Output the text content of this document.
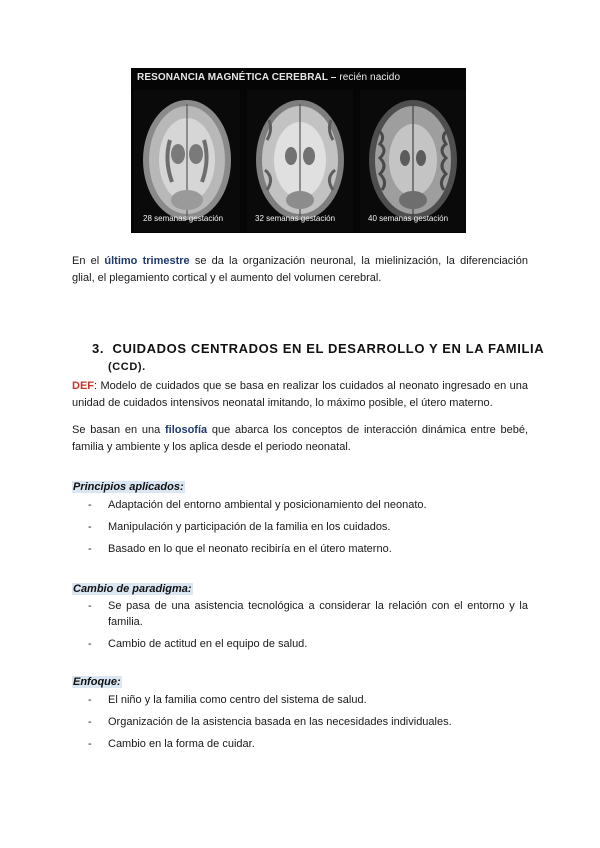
RESONANCIA MAGNÉTICA CEREBRAL – recién nacido
28 semanas gestación	32 semanas gestación	40 semanas gestación
En el último trimestre se da la organización neuronal, la mielinización, la diferenciación glial, el plegamiento cortical y el aumento del volumen cerebral.
3. CUIDADOS CENTRADOS EN EL DESARROLLO Y EN LA FAMILIA
(CCD).
DEF: Modelo de cuidados que se basa en realizar los cuidados al neonato ingresado en una unidad de cuidados intensivos neonatal imitando, lo máximo posible, el útero materno.
Se basan en una filosofía que abarca los conceptos de interacción dinámica entre bebé, familia y ambiente y los aplica desde el periodo neonatal.
Principios aplicados:
- Adaptación del entorno ambiental y posicionamiento del neonato.
- Manipulación y participación de la familia en los cuidados.
- Basado en lo que el neonato recibiría en el útero materno.
Cambio de paradigma:
- Se pasa de una asistencia tecnológica a considerar la relación con el entorno y la familia.
- Cambio de actitud en el equipo de salud.
Enfoque:
- El niño y la familia como centro del sistema de salud.
- Organización de la asistencia basada en las necesidades individuales.
- Cambio en la forma de cuidar.
